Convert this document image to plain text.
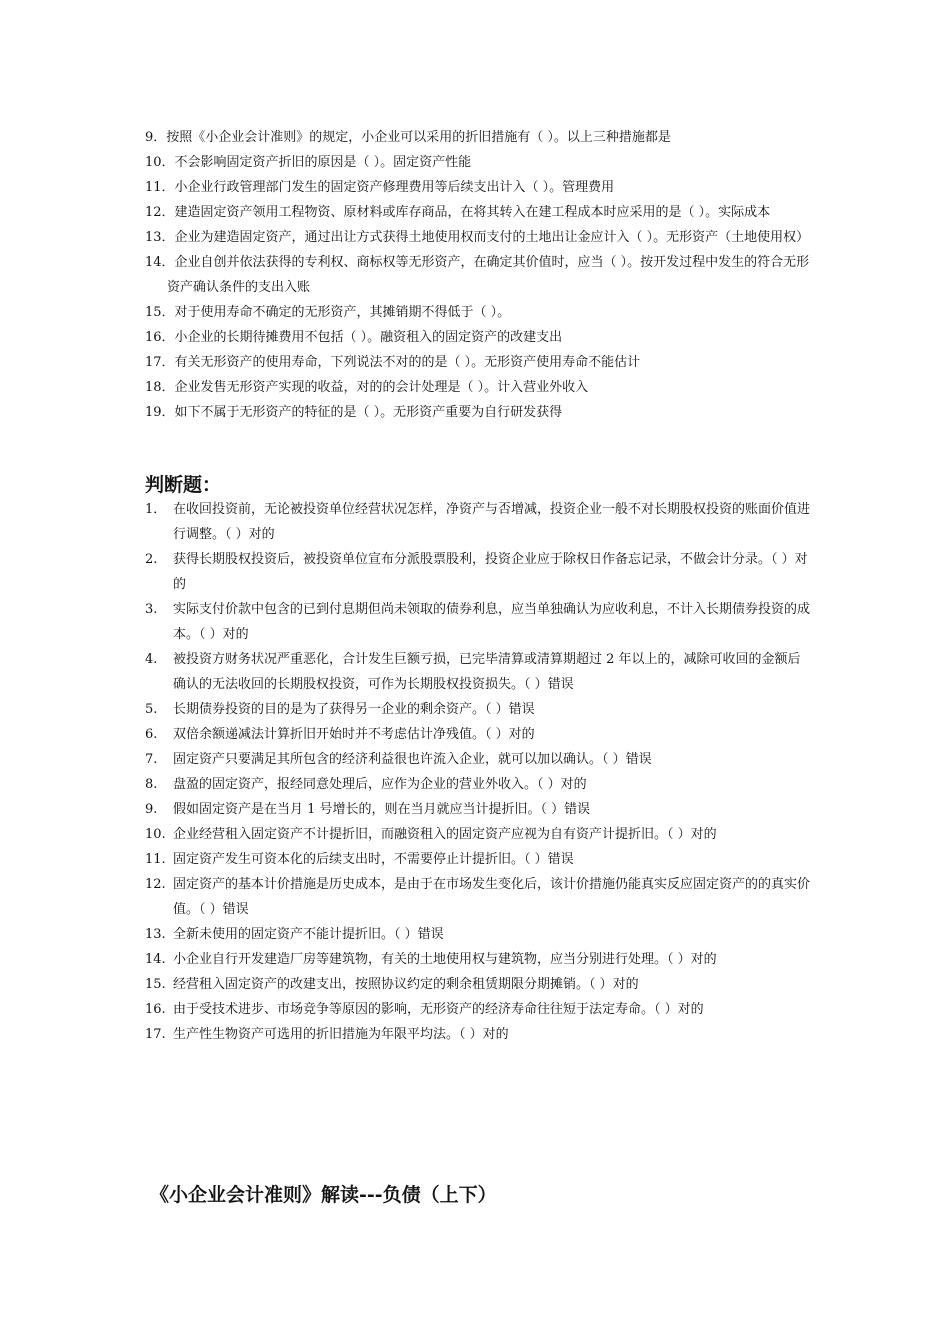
9．按照《小企业会计准则》的规定，小企业可以采用的折旧措施有（ ）。以上三种措施都是
10．不会影响固定资产折旧的原因是（ ）。固定资产性能
11．小企业行政管理部门发生的固定资产修理费用等后续支出计入（ ）。管理费用
12．建造固定资产领用工程物资、原材料或库存商品，在将其转入在建工程成本时应采用的是（ ）。实际成本
13．企业为建造固定资产，通过出让方式获得土地使用权而支付的土地出让金应计入（ ）。无形资产（土地使用权）
14．企业自创并依法获得的专利权、商标权等无形资产，在确定其价值时，应当（ ）。按开发过程中发生的符合无形资产确认条件的支出入账
15．对于使用寿命不确定的无形资产，其摊销期不得低于（ ）。
16．小企业的长期待摊费用不包括（ ）。融资租入的固定资产的改建支出
17．有关无形资产的使用寿命，下列说法不对的的是（ ）。无形资产使用寿命不能估计
18．企业发售无形资产实现的收益，对的的会计处理是（ ）。计入营业外收入
19．如下不属于无形资产的特征的是（ ）。无形资产重要为自行研发获得
判断题：
1． 在收回投资前，无论被投资单位经营状况怎样，净资产与否增减，投资企业一般不对长期股权投资的账面价值进行调整。（ ）对的
2.	获得长期股权投资后，被投资单位宣布分派股票股利，投资企业应于除权日作备忘记录，不做会计分录。（ ）对的
3.	实际支付价款中包含的已到付息期但尚未领取的债券利息，应当单独确认为应收利息，不计入长期债券投资的成本。（ ）对的
4.	被投资方财务状况严重恶化，合计发生巨额亏损，已完毕清算或清算期超过 2 年以上的，减除可收回的金额后确认的无法收回的长期股权投资，可作为长期股权投资损失。（ ）错误
5.	长期债券投资的目的是为了获得另一企业的剩余资产。（ ）错误
6.	双倍余额递减法计算折旧开始时并不考虑估计净残值。（ ）对的
7.	固定资产只要满足其所包含的经济利益很也许流入企业，就可以加以确认。（ ）错误
8.	盘盈的固定资产，报经同意处理后，应作为企业的营业外收入。（ ）对的
9.	假如固定资产是在当月 1 号增长的，则在当月就应当计提折旧。（ ）错误
10. 企业经营租入固定资产不计提折旧，而融资租入的固定资产应视为自有资产计提折旧。（ ）对的
11. 固定资产发生可资本化的后续支出时，不需要停止计提折旧。（ ）错误
12. 固定资产的基本计价措施是历史成本，是由于在市场发生变化后，该计价措施仍能真实反应固定资产的的真实价值。（ ）错误
13. 全新未使用的固定资产不能计提折旧。（ ）错误
14. 小企业自行开发建造厂房等建筑物，有关的土地使用权与建筑物，应当分别进行处理。（ ）对的
15. 经营租入固定资产的改建支出，按照协议约定的剩余租赁期限分期摊销。（ ）对的
16. 由于受技术进步、市场竞争等原因的影响，无形资产的经济寿命往往短于法定寿命。（ ）对的
17. 生产性生物资产可选用的折旧措施为年限平均法。（ ）对的
《小企业会计准则》解读---负债（上下）
